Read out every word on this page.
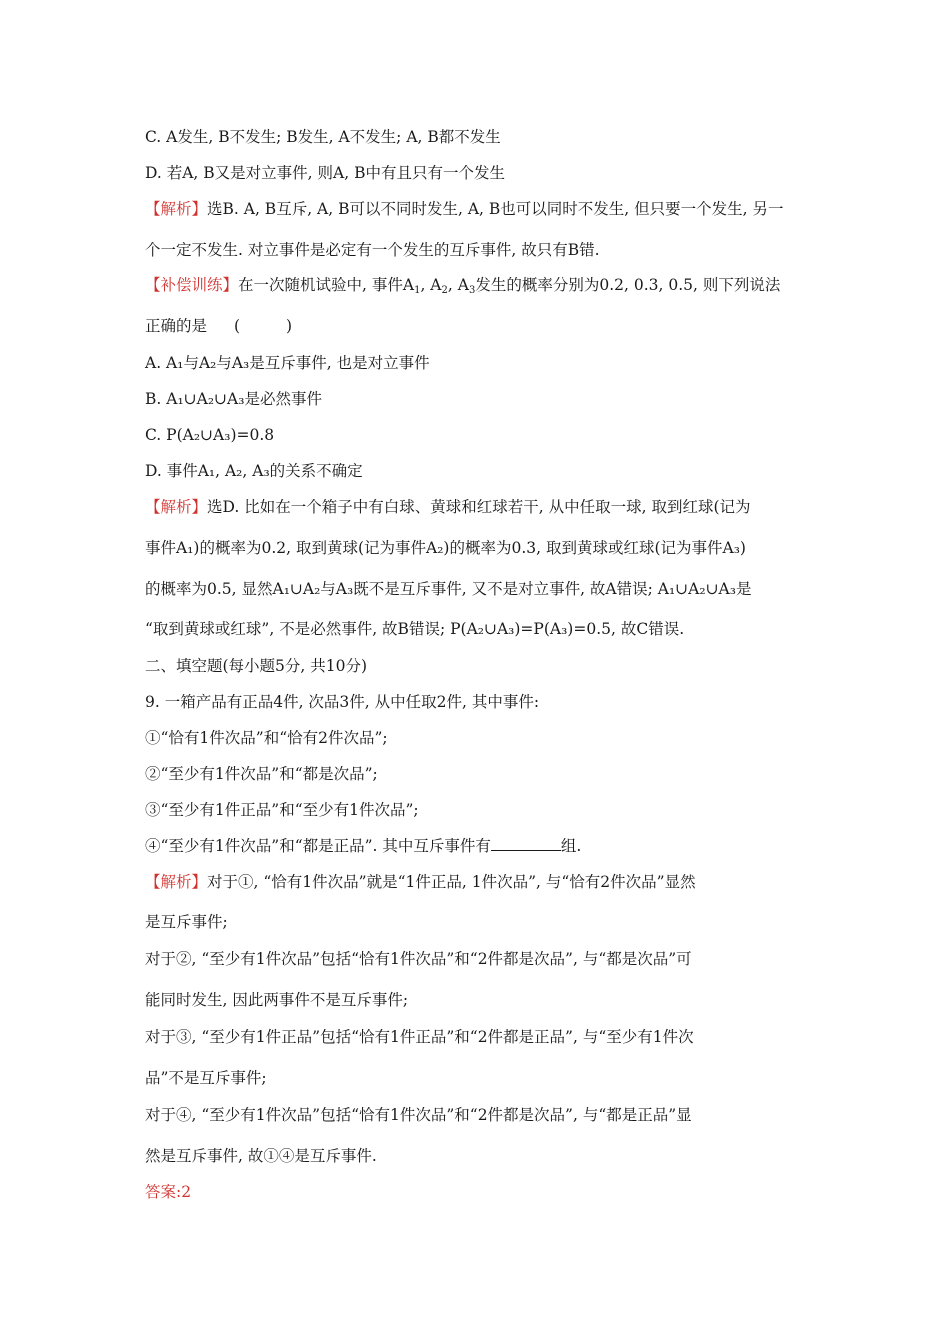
C. A发生, B不发生; B发生, A不发生; A, B都不发生
D. 若A, B又是对立事件, 则A, B中有且只有一个发生
【解析】选B. A, B互斥, A, B可以不同时发生, A, B也可以同时不发生, 但只要一个发生, 另一
个一定不发生. 对立事件是必定有一个发生的互斥事件, 故只有B错.
【补偿训练】在一次随机试验中, 事件$A_1$, $A_2$, $A_3$发生的概率分别为0.2, 0.3, 0.5, 则下列说法
正确的是 (	)
A. A₁与A₂与A₃是互斥事件, 也是对立事件
B. A₁∪A₂∪A₃是必然事件
C. P(A₂∪A₃)=0.8
D. 事件A₁, A₂, A₃的关系不确定
【解析】选D. 比如在一个箱子中有白球、黄球和红球若干, 从中任取一球, 取到红球(记为
事件A₁)的概率为0.2, 取到黄球(记为事件A₂)的概率为0.3, 取到黄球或红球(记为事件A₃)
的概率为0.5, 显然A₁∪A₂与A₃既不是互斥事件, 又不是对立事件, 故A错误; A₁∪A₂∪A₃是
“取到黄球或红球”, 不是必然事件, 故B错误; P(A₂∪A₃)=P(A₃)=0.5, 故C错误.
二、填空题(每小题5分, 共10分)
9. 一箱产品有正品4件, 次品3件, 从中任取2件, 其中事件:
①“恰有1件次品”和“恰有2件次品”;
②“至少有1件次品”和“都是次品”;
③“至少有1件正品”和“至少有1件次品”;
④“至少有1件次品”和“都是正品”. 其中互斥事件有	组.
【解析】对于①, “恰有1件次品”就是“1件正品, 1件次品”, 与“恰有2件次品”显然
是互斥事件;
对于②, “至少有1件次品”包括“恰有1件次品”和“2件都是次品”, 与“都是次品”可
能同时发生, 因此两事件不是互斥事件;
对于③, “至少有1件正品”包括“恰有1件正品”和“2件都是正品”, 与“至少有1件次
品”不是互斥事件;
对于④, “至少有1件次品”包括“恰有1件次品”和“2件都是次品”, 与“都是正品”显
然是互斥事件, 故①④是互斥事件.
答案:2
